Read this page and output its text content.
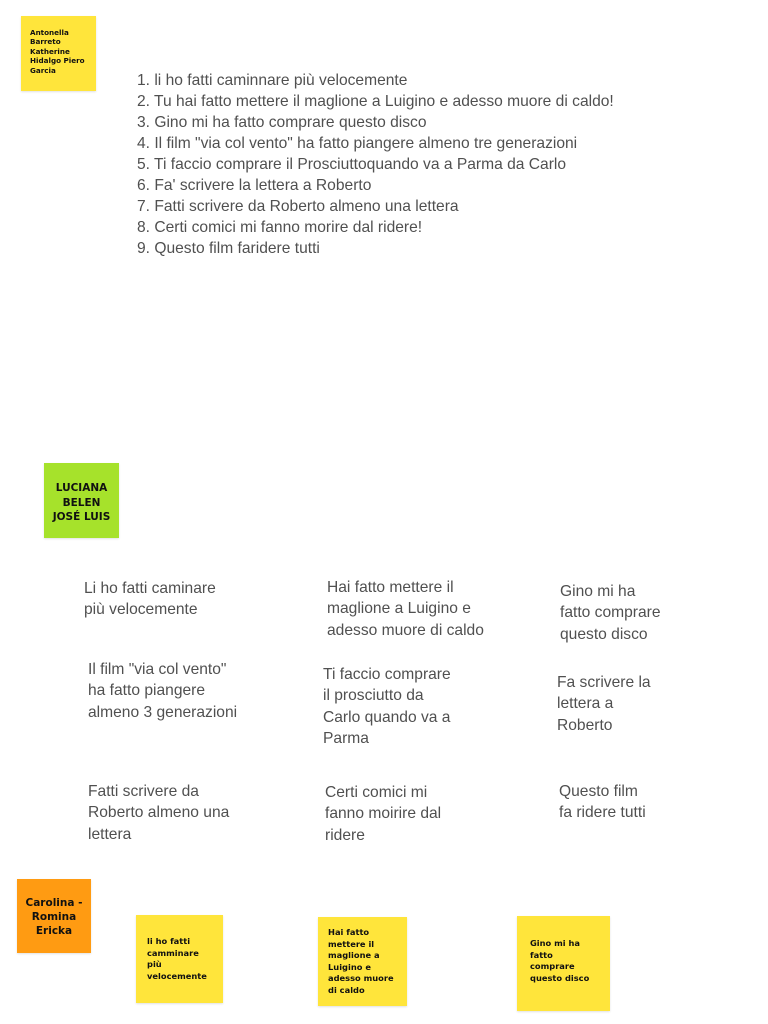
Antonella
Barreto
Katherine
Hidalgo Piero
Garcia
1. li ho fatti caminnare più velocemente
2. Tu hai fatto mettere il maglione a Luigino e adesso muore di caldo!
3. Gino mi ha fatto comprare questo disco
4. Il film "via col vento" ha fatto piangere almeno tre generazioni
5. Ti faccio comprare il Prosciuttoquando va a Parma da Carlo
6. Fa' scrivere la lettera a Roberto
7. Fatti scrivere da Roberto almeno una lettera
8. Certi comici mi fanno morire dal ridere!
9. Questo film faridere tutti
LUCIANA
BELEN
JOSÉ LUIS

Li ho fatti caminare
più velocemente

Hai fatto mettere il
maglione a Luigino e
adesso muore di caldo

Gino mi ha
fatto comprare
questo disco

Il film "via col vento"
ha fatto piangere
almeno 3 generazioni

Ti faccio comprare
il prosciutto da
Carlo quando va a
Parma

Fa scrivere la
lettera a
Roberto

Fatti scrivere da
Roberto almeno una
lettera

Certi comici mi
fanno moirire dal
ridere

Questo film
fa ridere tutti

Carolina -
Romina
Ericka
li ho fatti
camminare
più
velocemente
Hai fatto
mettere il
maglione a
Luigino e
adesso muore
di caldo
Gino mi ha
fatto
comprare
questo disco
